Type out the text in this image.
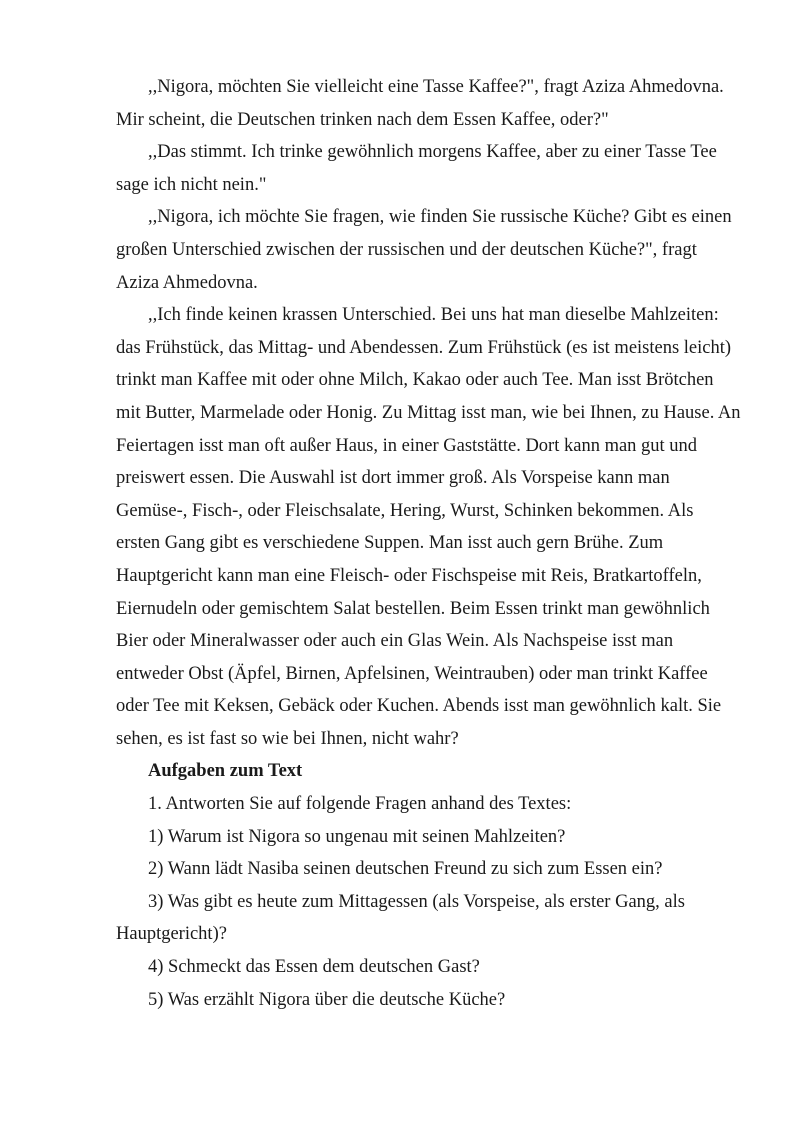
,,Nigora, möchten Sie vielleicht eine Tasse Kaffee?", fragt Aziza Ahmedovna. Mir scheint, die Deutschen trinken nach dem Essen Kaffee, oder?"

,,Das stimmt. Ich trinke gewöhnlich morgens Kaffee, aber zu einer Tasse Tee sage ich nicht nein."

,,Nigora, ich möchte Sie fragen, wie finden Sie russische Küche? Gibt es einen großen Unterschied zwischen der russischen und der deutschen Küche?", fragt Aziza Ahmedovna.

,,Ich finde keinen krassen Unterschied. Bei uns hat man dieselbe Mahlzeiten: das Frühstück, das Mittag- und Abendessen. Zum Frühstück (es ist meistens leicht) trinkt man Kaffee mit oder ohne Milch, Kakao oder auch Tee. Man isst Brötchen mit Butter, Marmelade oder Honig. Zu Mittag isst man, wie bei Ihnen, zu Hause. An Feiertagen isst man oft außer Haus, in einer Gaststätte. Dort kann man gut und preiswert essen. Die Auswahl ist dort immer groß. Als Vorspeise kann man Gemüse-, Fisch-, oder Fleischsalate, Hering, Wurst, Schinken bekommen. Als ersten Gang gibt es verschiedene Suppen. Man isst auch gern Brühe. Zum Hauptgericht kann man eine Fleisch- oder Fischspeise mit Reis, Bratkartoffeln, Eiernudeln oder gemischtem Salat bestellen. Beim Essen trinkt man gewöhnlich Bier oder Mineralwasser oder auch ein Glas Wein. Als Nachspeise isst man entweder Obst (Äpfel, Birnen, Apfelsinen, Weintrauben) oder man trinkt Kaffee oder Tee mit Keksen, Gebäck oder Kuchen. Abends isst man gewöhnlich kalt. Sie sehen, es ist fast so wie bei Ihnen, nicht wahr?

Aufgaben zum Text

1. Antworten Sie auf folgende Fragen anhand des Textes:

1) Warum ist Nigora so ungenau mit seinen Mahlzeiten?

2) Wann lädt Nasiba seinen deutschen Freund zu sich zum Essen ein?

3) Was gibt es heute zum Mittagessen (als Vorspeise, als erster Gang, als Hauptgericht)?

4) Schmeckt das Essen dem deutschen Gast?

5) Was erzählt Nigora über die deutsche Küche?
